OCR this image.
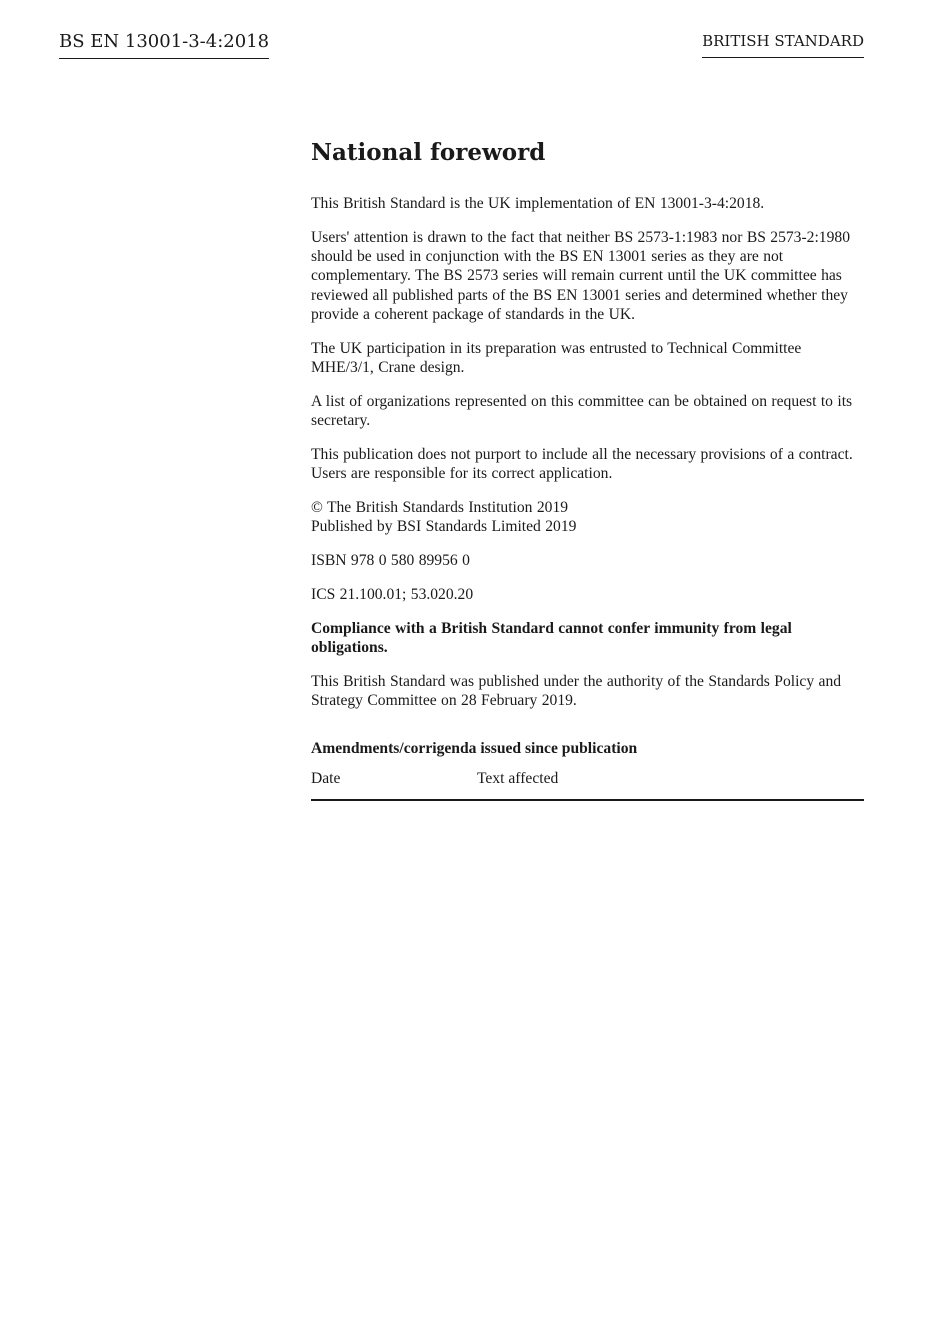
BS EN 13001-3-4:2018	BRITISH STANDARD
National foreword

This British Standard is the UK implementation of EN 13001-3-4:2018.

Users' attention is drawn to the fact that neither BS 2573-1:1983 nor BS 2573-2:1980 should be used in conjunction with the BS EN 13001 series as they are not complementary. The BS 2573 series will remain current until the UK committee has reviewed all published parts of the BS EN 13001 series and determined whether they provide a coherent package of standards in the UK.

The UK participation in its preparation was entrusted to Technical Committee MHE/3/1, Crane design.

A list of organizations represented on this committee can be obtained on request to its secretary.

This publication does not purport to include all the necessary provisions of a contract. Users are responsible for its correct application.

© The British Standards Institution 2019
Published by BSI Standards Limited 2019

ISBN 978 0 580 89956 0

ICS 21.100.01; 53.020.20

Compliance with a British Standard cannot confer immunity from legal obligations.

This British Standard was published under the authority of the Standards Policy and Strategy Committee on 28 February 2019.

Amendments/corrigenda issued since publication
Date	Text affected
